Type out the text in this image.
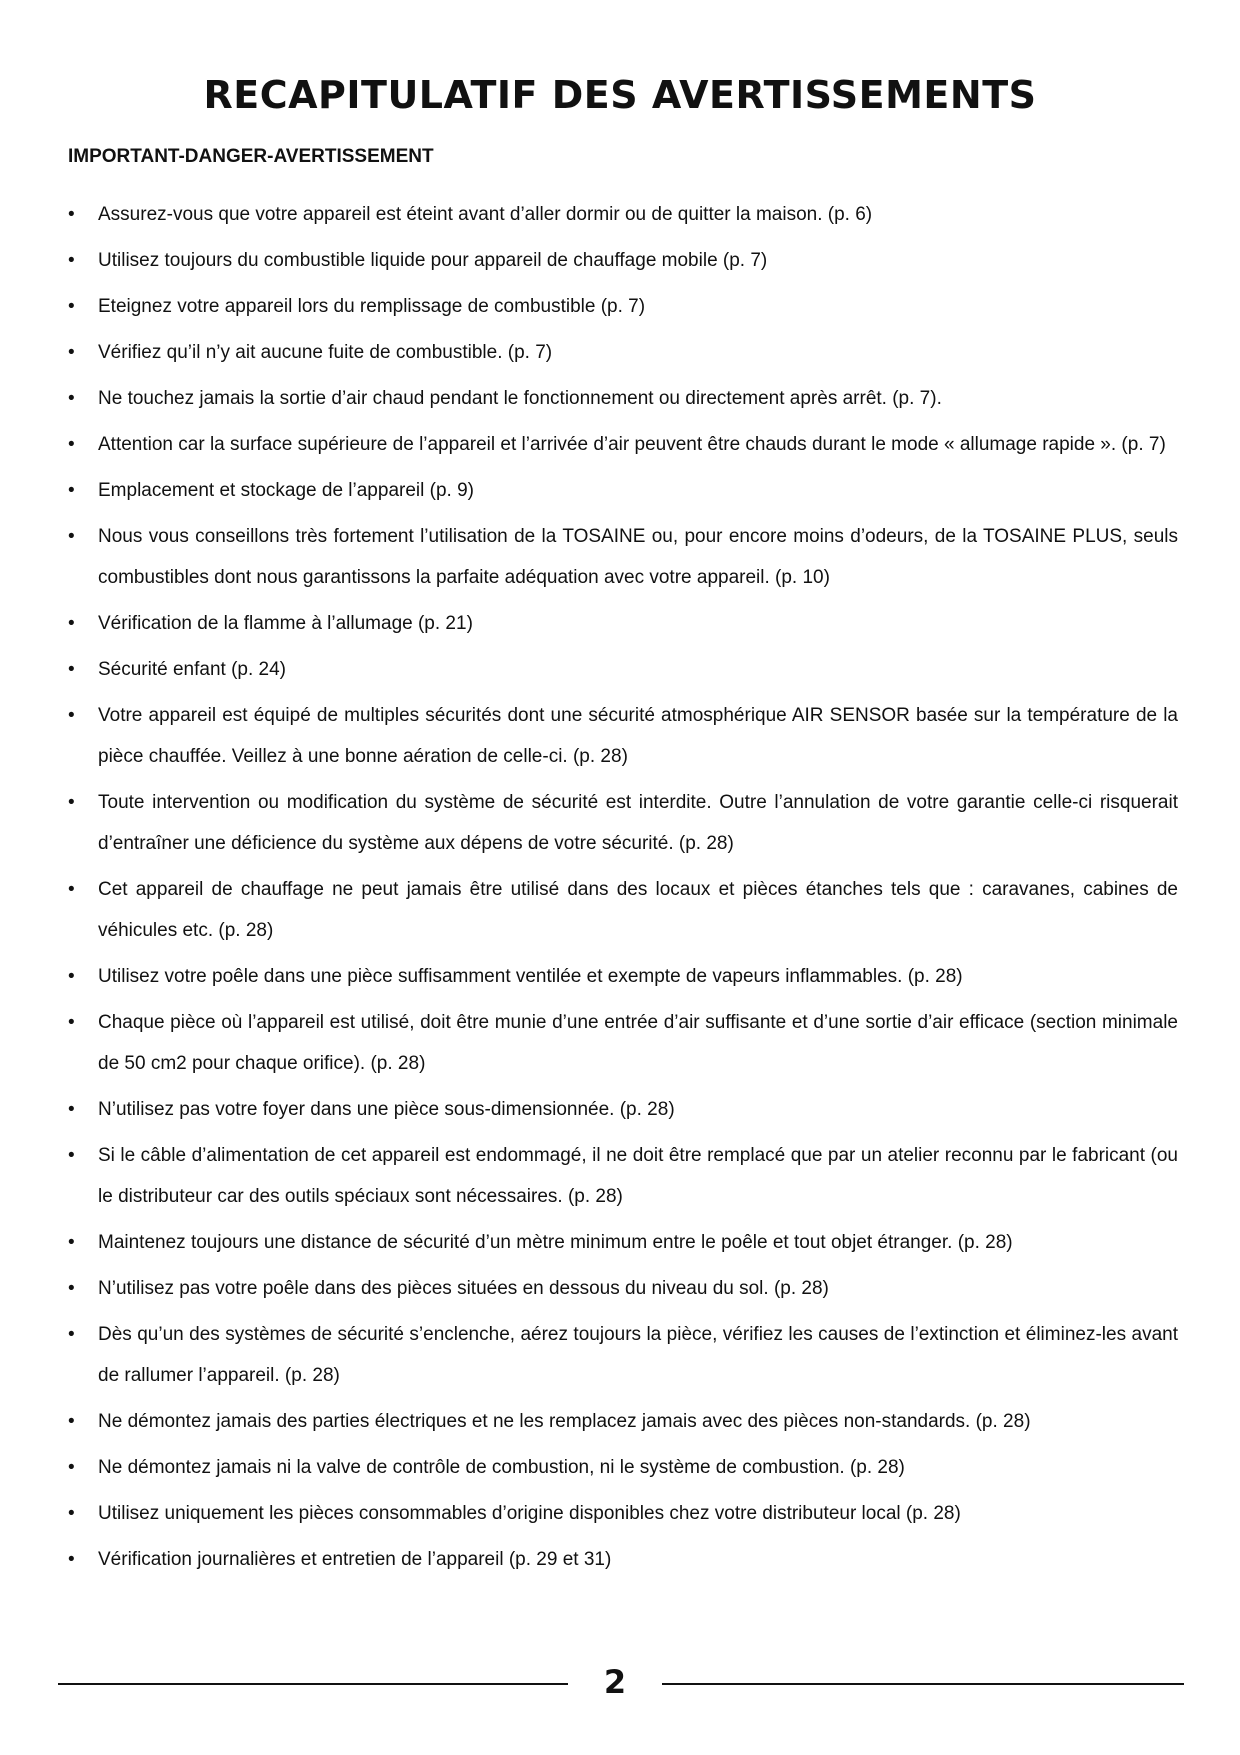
RECAPITULATIF DES AVERTISSEMENTS
IMPORTANT-DANGER-AVERTISSEMENT
•	Assurez-vous que votre appareil est éteint avant d’aller dormir ou de quitter la maison. (p. 6)
•	Utilisez toujours du combustible liquide pour appareil de chauffage mobile (p. 7)
•	Eteignez votre appareil lors du remplissage de combustible (p. 7)
•	Vérifiez qu’il n’y ait aucune fuite de combustible. (p. 7)
•	Ne touchez jamais la sortie d’air chaud pendant le fonctionnement ou directement après arrêt. (p. 7).
•	Attention car la surface supérieure de l’appareil et l’arrivée d’air peuvent être chauds durant le mode « allumage rapide ». (p. 7)
•	Emplacement et stockage de l’appareil (p. 9)
•	Nous vous conseillons très fortement l’utilisation de la TOSAINE ou, pour encore moins d’odeurs, de la TOSAINE PLUS, seuls combustibles dont nous garantissons la parfaite adéquation avec votre appareil. (p. 10)
•	Vérification de la flamme à l’allumage (p. 21)
•	Sécurité enfant (p. 24)
•	Votre appareil est équipé de multiples sécurités dont une sécurité atmosphérique AIR SENSOR basée sur la température de la pièce chauffée. Veillez à une bonne aération de celle-ci. (p. 28)
•	Toute intervention ou modification du système de sécurité est interdite. Outre l’annulation de votre garantie celle-ci risquerait d’entraîner une déficience du système aux dépens de votre sécurité. (p. 28)
•	Cet appareil de chauffage ne peut jamais être utilisé dans des locaux et pièces étanches tels que : caravanes, cabines de véhicules etc. (p. 28)
•	Utilisez votre poêle dans une pièce suffisamment ventilée et exempte de vapeurs inflammables. (p. 28)
•	Chaque pièce où l’appareil est utilisé, doit être munie d’une entrée d’air suffisante et d’une sortie d’air efficace (section minimale de 50 cm2 pour chaque orifice). (p. 28)
•	N’utilisez pas votre foyer dans une pièce sous-dimensionnée. (p. 28)
•	Si le câble d’alimentation de cet appareil est endommagé, il ne doit être remplacé que par un atelier reconnu par le fabricant (ou le distributeur car des outils spéciaux sont nécessaires. (p. 28)
•	Maintenez toujours une distance de sécurité d’un mètre minimum entre le poêle et tout objet étranger. (p. 28)
•	N’utilisez pas votre poêle dans des pièces situées en dessous du niveau du sol. (p. 28)
•	Dès qu’un des systèmes de sécurité s’enclenche, aérez toujours la pièce, vérifiez les causes de l’extinction et éliminez-les avant de rallumer l’appareil. (p. 28)
•	Ne démontez jamais des parties électriques et ne les remplacez jamais avec des pièces non-standards. (p. 28)
•	Ne démontez jamais ni la valve de contrôle de combustion, ni le système de combustion. (p. 28)
•	Utilisez uniquement les pièces consommables d’origine disponibles chez votre distributeur local (p. 28)
•	Vérification journalières et entretien de l’appareil (p. 29 et 31)
2
